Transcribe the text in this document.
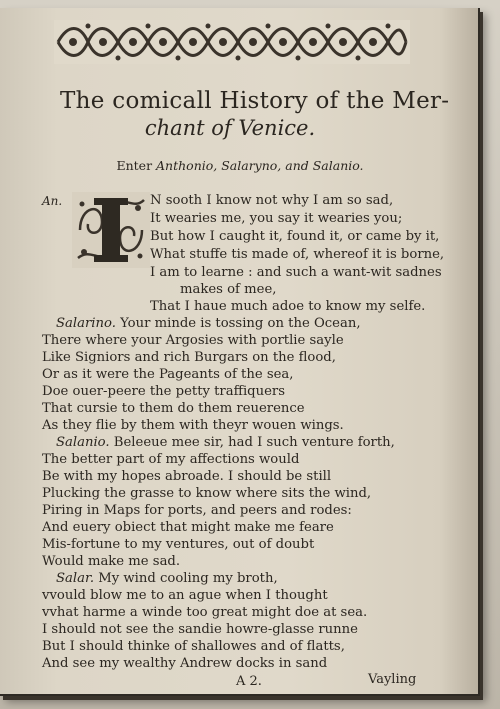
The comicall History of the Mer-
chant of Venice.
Enter Anthonio, Salaryno, and Salanio.
An.	N sooth I know not why I am so sad,
It wearies me, you say it wearies you;
But how I caught it, found it, or came by it,
What stuffe tis made of, whereof it is borne,
I am to learne : and such a want-wit sadnes
makes of mee,
That I haue much adoe to know my selfe.
Salarino. Your minde is tossing on the Ocean,
There where your Argosies with portlie sayle
Like Signiors and rich Burgars on the flood,
Or as it were the Pageants of the sea,
Doe ouer-peere the petty traffiquers
That cursie to them do them reuerence
As they flie by them with theyr wouen wings.
Salanio. Beleeue mee sir, had I such venture forth,
The better part of my affections would
Be with my hopes abroade. I should be still
Plucking the grasse to know where sits the wind,
Piring in Maps for ports, and peers and rodes:
And euery obiect that might make me feare
Mis-fortune to my ventures, out of doubt
Would make me sad.
Salar. My wind cooling my broth,
vvould blow me to an ague when I thought
vvhat harme a winde too great might doe at sea.
I should not see the sandie howre-glasse runne
But I should thinke of shallowes and of flatts,
And see my wealthy Andrew docks in sand
A 2.	Vayling
